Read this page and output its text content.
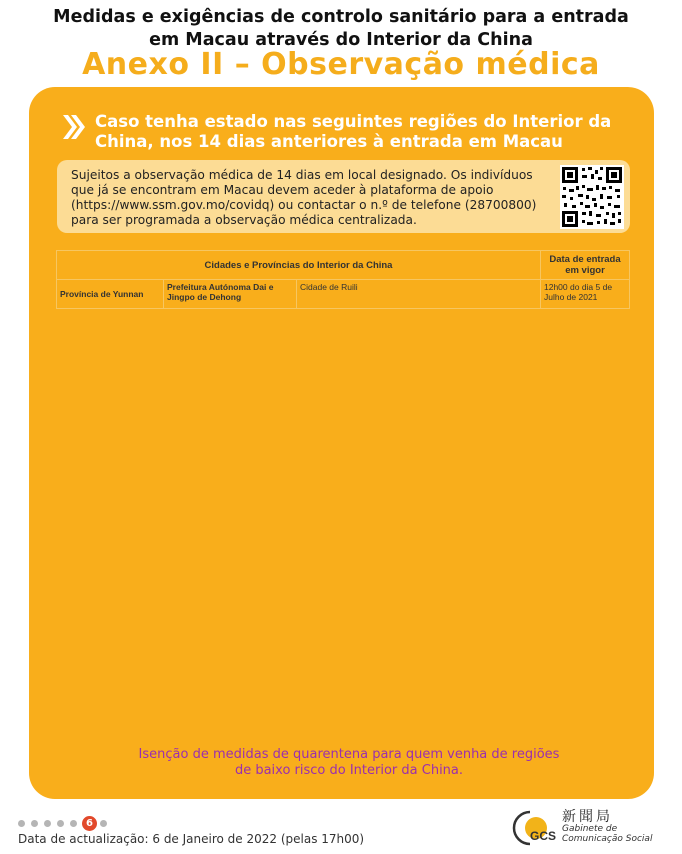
Medidas e exigências de controlo sanitário para a entrada
em Macau através do Interior da China
Anexo II – Observação médica
Caso tenha estado nas seguintes regiões do Interior da
China, nos 14 dias anteriores à entrada em Macau
Sujeitos a observação médica de 14 dias em local designado. Os indivíduos que já se encontram em Macau devem aceder à plataforma de apoio (https://www.ssm.gov.mo/covidq) ou contactar o n.º de telefone (28700800) para ser programada a observação médica centralizada.
Cidades e Províncias do Interior da China			Data de entrada em vigor
Província de Yunnan	Prefeitura Autónoma Dai e Jingpo de Dehong	Cidade de Ruili	12h00 do dia 5 de Julho de 2021
Isenção de medidas de quarentena para quem venha de regiões
de baixo risco do Interior da China.
6
Data de actualização: 6 de Janeiro de 2022 (pelas 17h00)	GCS
新聞局
Gabinete de
Comunicação Social
